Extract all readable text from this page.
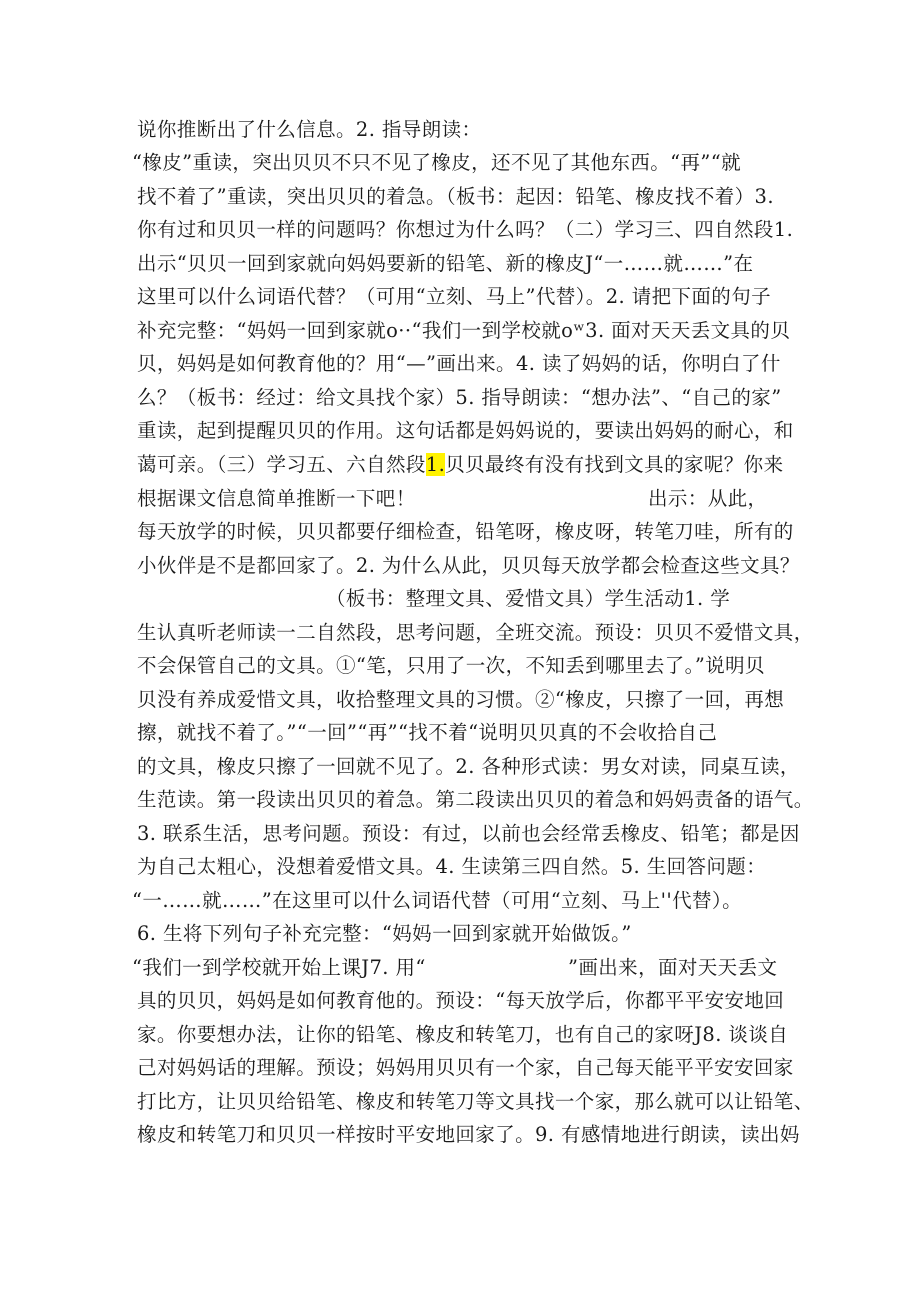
说你推断出了什么信息。2. 指导朗读：
“橡皮”重读，突出贝贝不只不见了橡皮，还不见了其他东西。“再”“就
找不着了”重读，突出贝贝的着急。（板书：起因：铅笔、橡皮找不着）3.
你有过和贝贝一样的问题吗？你想过为什么吗？（二）学习三、四自然段1.
出示“贝贝一回到家就向妈妈要新的铅笔、新的橡皮J“一……就……”在
这里可以什么词语代替？（可用“立刻、马上”代替）。2. 请把下面的句子
补充完整：“妈妈一回到家就o··“我们一到学校就oʷ3. 面对天天丢文具的贝
贝，妈妈是如何教育他的？用“—”画出来。4. 读了妈妈的话，你明白了什
么？（板书：经过：给文具找个家）5. 指导朗读：“想办法”、“自己的家”
重读，起到提醒贝贝的作用。这句话都是妈妈说的，要读出妈妈的耐心，和
蔼可亲。（三）学习五、六自然段1.贝贝最终有没有找到文具的家呢？你来
根据课文信息简单推断一下吧！	出示：从此，
每天放学的时候，贝贝都要仔细检查，铅笔呀，橡皮呀，转笔刀哇，所有的
小伙伴是不是都回家了。2. 为什么从此，贝贝每天放学都会检查这些文具？
（板书：整理文具、爱惜文具）学生活动1. 学
生认真听老师读一二自然段，思考问题，全班交流。预设：贝贝不爱惜文具，
不会保管自己的文具。①“笔，只用了一次，不知丢到哪里去了。”说明贝
贝没有养成爱惜文具，收拾整理文具的习惯。②“橡皮，只擦了一回，再想
擦，就找不着了。”“一回”“再”“找不着“说明贝贝真的不会收拾自己
的文具，橡皮只擦了一回就不见了。2. 各种形式读：男女对读，同桌互读，
生范读。第一段读出贝贝的着急。第二段读出贝贝的着急和妈妈责备的语气。
3. 联系生活，思考问题。预设：有过，以前也会经常丢橡皮、铅笔；都是因
为自己太粗心，没想着爱惜文具。4. 生读第三四自然。5. 生回答问题：
“一……就……”在这里可以什么词语代替（可用“立刻、马上''代替）。
6. 生将下列句子补充完整：“妈妈一回到家就开始做饭。”
“我们一到学校就开始上课J7. 用“	”画出来，面对天天丢文
具的贝贝，妈妈是如何教育他的。预设：“每天放学后，你都平平安安地回
家。你要想办法，让你的铅笔、橡皮和转笔刀，也有自己的家呀J8. 谈谈自
己对妈妈话的理解。预设；妈妈用贝贝有一个家，自己每天能平平安安回家
打比方，让贝贝给铅笔、橡皮和转笔刀等文具找一个家，那么就可以让铅笔、
橡皮和转笔刀和贝贝一样按时平安地回家了。9. 有感情地进行朗读，读出妈
